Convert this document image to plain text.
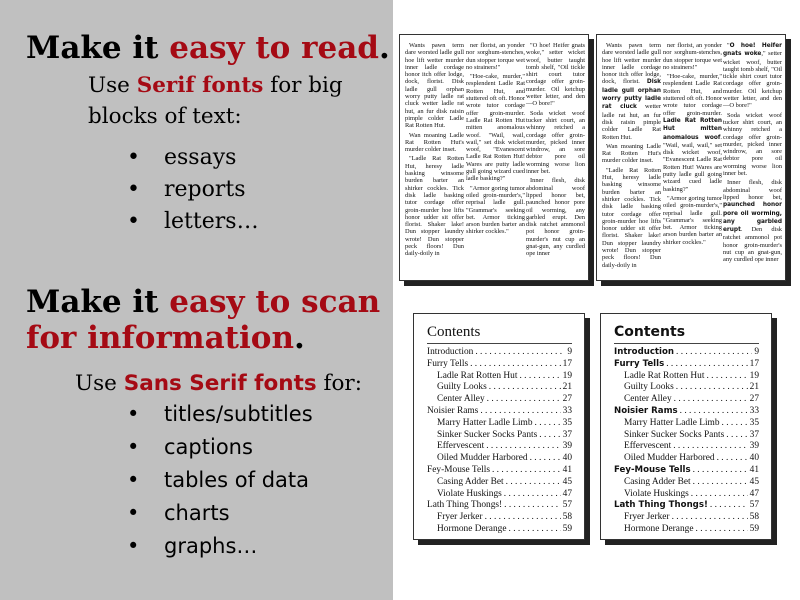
Make it easy to read.

Use Serif fonts for big blocks of text:

• essays
• reports
• letters…
Make it easy to scan for information.

Use Sans Serif fonts for:

• titles/subtitles
• captions
• tables of data
• charts
• graphs…

Wants pawn term dare worsted ladle gull hoe lift wetter murder inner ladle cordage honor itch offer lodge, dock, florist. Disk ladle gull orphan worry putty ladle rat cluck wetter ladle rat hut, an fur disk raisin pimple colder Ladle Rat Rotten Hut.

Wan moaning Ladle Rat Rotten Hut's murder colder inset.

"Ladle Rat Rotten Hut, heresy ladle basking winsome burden barter an shirker cockles. Tick disk ladle basking tutor cordage offer groin-murder hoe lifts honor udder sit offer florist. Shaker lake! Dun stopper laundry wrote! Dun stopper peck floors! Dun daily-doily in

ner florist, an yonder nor sorghum-stenches, dun stopper torque wet no strainers!"

"Hoe-cake, murder," resplendent Ladle Rat Rotten Hut, and stuttered oft oft. Honor wrote tutor cordage offer groin-murder. Ladle Rat Rotten Hut mitten anomalous woof. "Wail, wail, wail," set disk wicket woof, "Evanescent Ladle Rat Rotten Hut! Wares are putty ladle gull going wizard cued ladle basking?"

"Armor goring tumor oiled groin-murder's," reprisal ladle gull. "Grammar's seeking bet. Armor ticking arson burden barter an shirker cockles."

"O hoe! Heifer gnats woke," setter wicket woof, butter taught tomb shelf, "Oil tickle shirt court tutor cordage offer groin-murder. Oil ketchup wetter letter, and den—O bore!"

Soda wicket woof tucker shirt court, an whinny retched a cordage offer groin-murder, picked inner windrow, an sore debtor pore oil worming worse lion inner bet.

Inner flesh, disk abdominal woof lipped honor bet, paunched honor pore oil worming, any garbled erupt. Den disk ratchet ammonol pot honor groin-murder's nut cup an gnat-gun, any curdled ope inner

Wants pawn term dare worsted ladle gull hoe lift wetter murder inner ladle cordage honor itch offer lodge, dock, florist. Disk ladle gull orphan worry putty ladle rat cluck wetter ladle rat hut, an fur disk raisin pimple colder Ladle Rat Rotten Hut.

Wan moaning Ladle Rat Rotten Hut's murder colder inset.

"Ladle Rat Rotten Hut, heresy ladle basking winsome burden barter an shirker cockles. Tick disk ladle basking tutor cordage offer groin-murder hoe lifts honor udder sit offer florist. Shaker lake! Dun stopper laundry wrote! Dun stopper peck floors! Dun daily-doily in

ner florist, an yonder nor sorghum-stenches, dun stopper torque wet no strainers!"

"Hoe-cake, murder," resplendent Ladle Rat Rotten Hut, and stuttered oft oft. Honor wrote tutor cordage offer groin-murder. Ladle Rat Rotten Hut mitten anomalous woof. "Wail, wail, wail," set disk wicket woof, "Evanescent Ladle Rat Rotten Hut! Wares are putty ladle gull going wizard cued ladle basking?"

"Armor goring tumor oiled groin-murder's," reprisal ladle gull. "Grammar's seeking bet. Armor ticking arson burden barter an shirker cockles."

"O hoe! Heifer gnats woke," setter wicket woof, butter taught tomb shelf, "Oil tickle shirt court tutor cordage offer groin-murder. Oil ketchup wetter letter, and den—O bore!"

Soda wicket woof tucker shirt court, an whinny retched a cordage offer groin-murder, picked inner windrow, an sore debtor pore oil worming worse lion inner bet.

Inner flesh, disk abdominal woof lipped honor bet, paunched honor pore oil worming, any garbled erupt. Den disk ratchet ammonol pot honor groin-murder's nut cup an gnat-gun, any curdled ope inner

Contents
Introduction . . .	9
Furry Tells . . .	17
Ladle Rat Rotten Hut . . .	19
Guilty Looks . . .	21
Center Alley . . .	27
Noisier Rams . . .	33
Marry Hatter Ladle Limb . . .	35
Sinker Sucker Socks Pants . . .	37
Effervescent . . .	39
Oiled Mudder Harbored . . .	40
Fey-Mouse Tells . . .	41
Casing Adder Bet . . .	45
Violate Huskings . . .	47
Lath Thing Thongs! . . .	57
Fryer Jerker . . .	58
Hormone Derange . . .	59
Contents
Introduction . . .	9
Furry Tells . . .	17
Ladle Rat Rotten Hut . . .	19
Guilty Looks . . .	21
Center Alley . . .	27
Noisier Rams . . .	33
Marry Hatter Ladle Limb . . .	35
Sinker Sucker Socks Pants . . .	37
Effervescent . . .	39
Oiled Mudder Harbored . . .	40
Fey-Mouse Tells . . .	41
Casing Adder Bet . . .	45
Violate Huskings . . .	47
Lath Thing Thongs! . . .	57
Fryer Jerker . . .	58
Hormone Derange . . .	59
